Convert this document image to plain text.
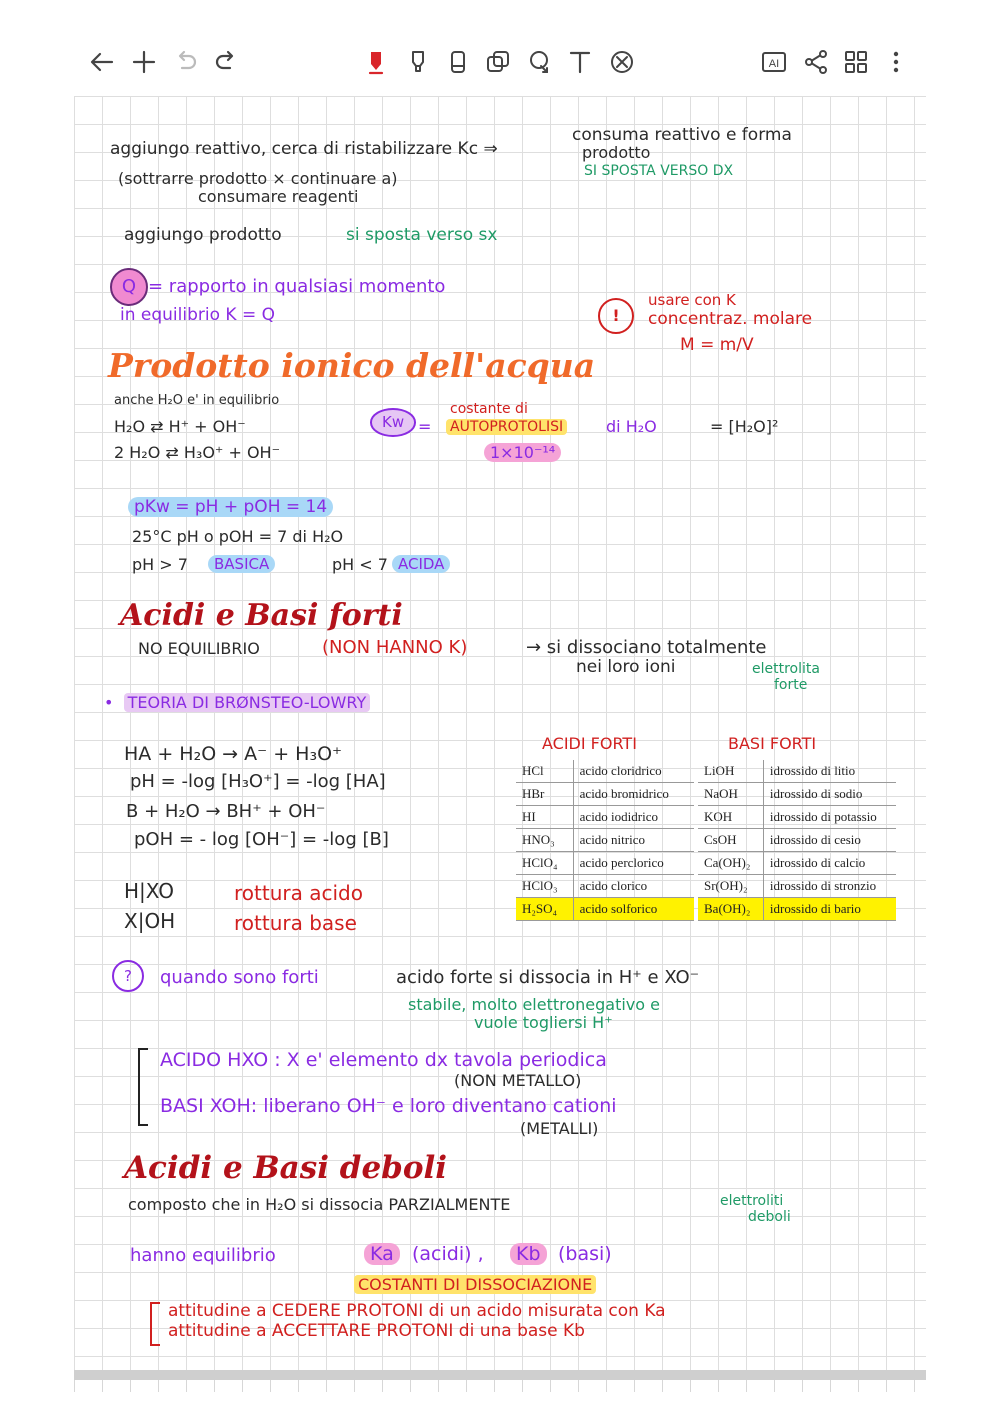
AI
aggiungo reattivo, cerca di ristabilizzare Kc ⇒
consuma reattivo e forma
prodotto
SI SPOSTA VERSO DX
(sottrarre prodotto × continuare a)
consumare reagenti
aggiungo prodotto	si sposta verso sx
Q = rapporto in qualsiasi momento
in equilibrio K = Q	!
usare con K
concentraz. molare
M = m/V
Prodotto ionico dell'acqua
anche H₂O e' in equilibrio
H₂O ⇄ H⁺ + OH⁻
2 H₂O ⇄ H₃O⁺ + OH⁻
Kw =
costante di
AUTOPROTOLISI	di H₂O	= [H₂O]²
1×10⁻¹⁴
pKw = pH + pOH = 14
25°C pH o pOH = 7 di H₂O
pH > 7	BASICA	pH < 7 ACIDA
Acidi e Basi forti
NO EQUILIBRIO	(NON HANNO K)	→ si dissociano totalmente
nei loro ioni	elettrolita
forte
•  TEORIA DI BRØNSTEO-LOWRY
HA + H₂O → A⁻ + H₃O⁺
pH = -log [H₃O⁺] = -log [HA]
B + H₂O → BH⁺ + OH⁻
pOH = - log [OH⁻] = -log [B]
H|XO	rottura acido
X|OH	rottura base
ACIDI FORTI	BASI FORTI
HCl	acido cloridrico
HBr	acido bromidrico
HI	acido iodidrico
HNO₃	acido nitrico
HClO₄	acido perclorico
HClO₃	acido clorico
H₂SO₄	acido solforico
LiOH	idrossido di litio
NaOH	idrossido di sodio
KOH	idrossido di potassio
CsOH	idrossido di cesio
Ca(OH)₂	idrossido di calcio
Sr(OH)₂	idrossido di stronzio
Ba(OH)₂	idrossido di bario
?	quando sono forti	acido forte si dissocia in H⁺ e XO⁻
stabile, molto elettronegativo e
vuole togliersi H⁺
ACIDO HXO : X e' elemento dx tavola periodica
(NON METALLO)
BASI XOH: liberano OH⁻ e loro diventano cationi
(METALLI)
Acidi e Basi deboli
composto che in H₂O si dissocia PARZIALMENTE	elettroliti
deboli
hanno equilibrio	Ka (acidi) ,	Kb (basi)
COSTANTI DI DISSOCIAZIONE
attitudine a CEDERE PROTONI di un acido misurata con Ka
attitudine a ACCETTARE PROTONI di una base Kb
